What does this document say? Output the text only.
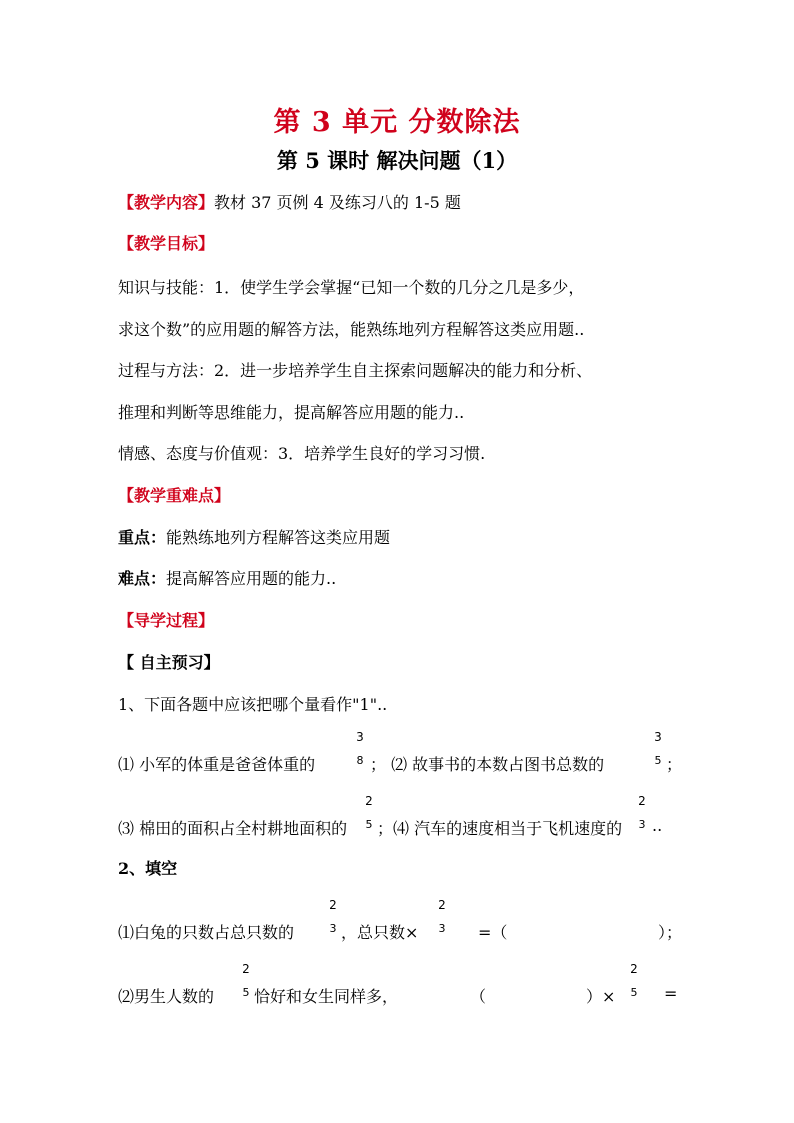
第 3 单元 分数除法
第 5 课时 解决问题（1）
【教学内容】教材 37 页例 4 及练习八的 1-5 题
【教学目标】
知识与技能：1．使学生学会掌握“已知一个数的几分之几是多少，
求这个数”的应用题的解答方法，能熟练地列方程解答这类应用题..
过程与方法：2．进一步培养学生自主探索问题解决的能力和分析、
推理和判断等思维能力，提高解答应用题的能力..
情感、态度与价值观：3．培养学生良好的学习习惯.
【教学重难点】
重点：能熟练地列方程解答这类应用题
难点：提高解答应用题的能力..
【导学过程】
【 自主预习】
1、下面各题中应该把哪个量看作"1"..
⑴ 小军的体重是爸爸体重的
3
8 ； ⑵ 故事书的本数占图书总数的
3
5 ；
⑶ 棉田的面积占全村耕地面积的
2
5 ；⑷ 汽车的速度相当于飞机速度的
2
3 ..
2、填空
⑴白兔的只数占总只数的
2
3 ，总只数×
2
3 =（	）；
⑵男生人数的
2
5 恰好和女生同样多，	（	）×
2
5 =
